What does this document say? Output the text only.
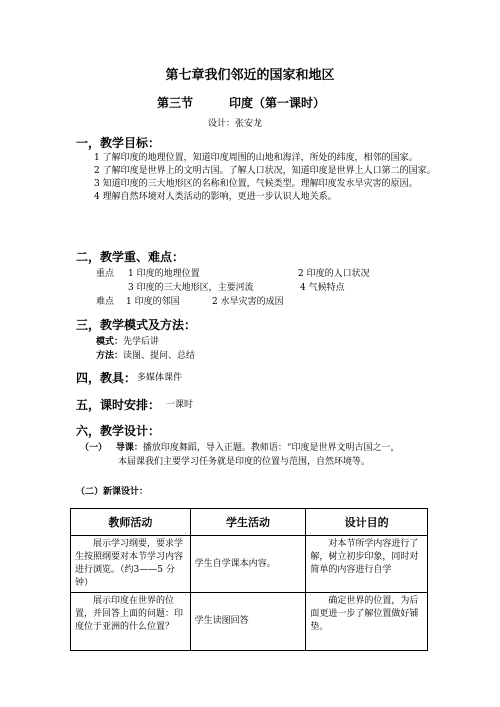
第七章我们邻近的国家和地区
第三节	印度（第一课时）
设计：张安龙
一，教学目标：
1 了解印度的地理位置，知道印度周围的山地和海洋，所处的纬度，相邻的国家。
2 了解印度是世界上的文明古国。了解人口状况，知道印度是世界上人口第二的国家。
3 知道印度的三大地形区的名称和位置，气候类型。理解印度发水旱灾害的原因。
4 理解自然环境对人类活动的影响，更进一步认识人地关系。
二，教学重、难点：
重点 1 印度的地理位置	2 印度的人口状况
3 印度的三大地形区，主要河流	4 气候特点
难点 1 印度的邻国	2 水旱灾害的成因
三，教学模式及方法：
模式：先学后讲
方法：读图、提问、总结
四，教具： 多媒体课件
五，课时安排： 一课时
六，教学设计：
（一） 导课：播放印度舞蹈，导入正题。教师语：“印度是世界文明古国之一，
本届课我们主要学习任务就是印度的位置与范围，自然环境等。
（二）新课设计：
教师活动	学生活动	设计目的
展示学习纲要，要求学生按照纲要对本节学习内容进行浏览。（约3——5 分钟）	学生自学课本内容。	对本节所学内容进行了解，树立初步印象，同时对简单的内容进行自学
展示印度在世界的位置，并回答上面的问题：印度位于亚洲的什么位置？	学生读图回答	确定世界的位置，为后面更进一步了解位置做好铺垫。
